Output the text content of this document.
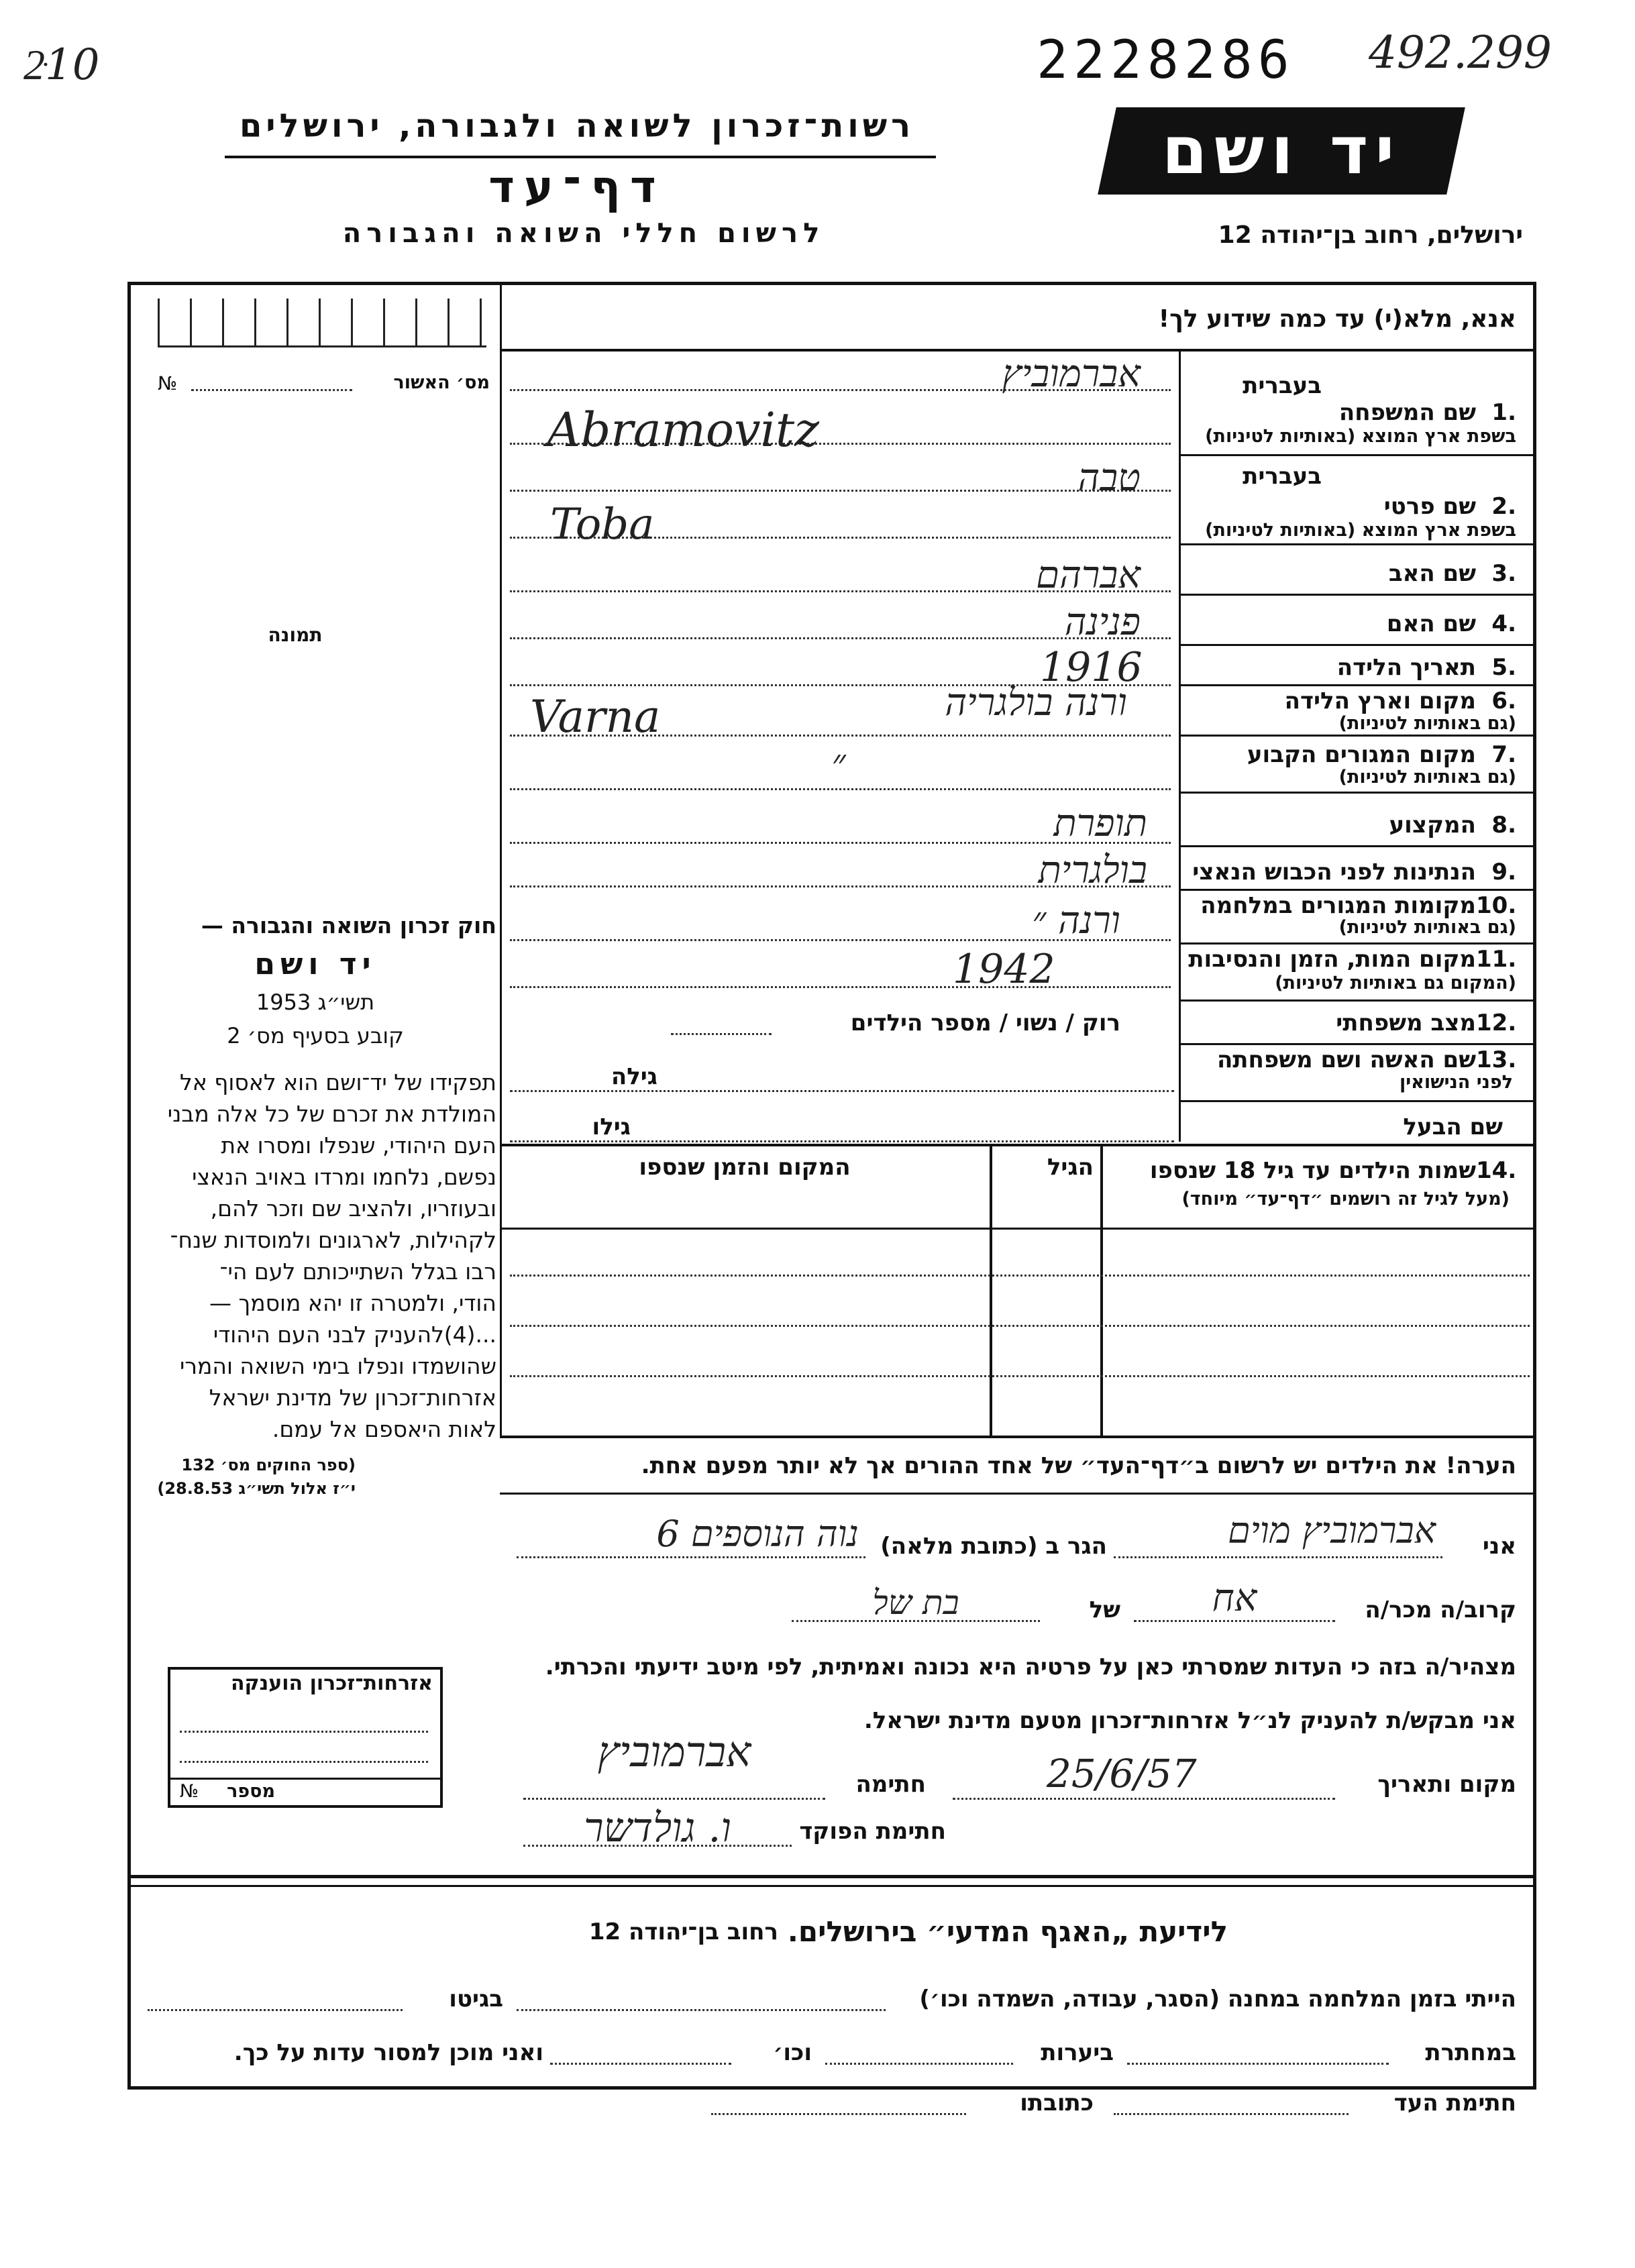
2ּ10	2228286 492.299
רשות־זכרון לשואה ולגבורה, ירושלים
דף־עד
לרשום חללי השואה והגבורה
יד ושם
ירושלים, רחוב בן־יהודה 12
מס׳ האשור
№
תמונה
חוק זכרון השואה והגבורה —
יד ושם
תשי״ג 1953
קובע בסעיף מס׳ 2
תפקידו של יד־ושם הוא לאסוף אל
המולדת את זכרם של כל אלה מבני
העם היהודי, שנפלו ומסרו את
נפשם, נלחמו ומרדו באויב הנאצי
ובעוזריו, ולהציב שם וזכר להם,
לקהילות, לארגונים ולמוסדות שנח־
רבו בגלל השתייכותם לעם הי־
הודי, ולמטרה זו יהא מוסמך —
...(4)להעניק לבני העם היהודי
שהושמדו ונפלו בימי השואה והמרי
אזרחות־זכרון של מדינת ישראל
לאות היאספם אל עמם.
(ספר החוקים מס׳ 132
י״ז אלול תשי״ג 28.8.53)
אזרחות־זכרון הוענקה
מספר
№
אנא, מלא(י) עד כמה שידוע לך!
בעברית
1.
שם המשפחה
בשפת ארץ המוצא (באותיות לטיניות)
אברמוביץ
Abramovitz
בעברית
2.
שם פרטי
בשפת ארץ המוצא (באותיות לטיניות)
טבה
Toba
3.
שם האב
אברהם
4.
שם האם
פנינה
5.
תאריך הלידה
1916
6.
מקום וארץ הלידה
(גם באותיות לטיניות)
ורנה בולגריה
Varna
7.
מקום המגורים הקבוע
(גם באותיות לטיניות)
״
8.
המקצוע
תופרת
9.
הנתינות לפני הכבוש הנאצי
בולגרית
10.
מקומות המגורים במלחמה
(גם באותיות לטיניות)
ורנה ״
11.
מקום המות, הזמן והנסיבות
(המקום גם באותיות לטיניות)
1942
12.
מצב משפחתי
רוק / נשוי / מספר הילדים
13.
שם האשה ושם משפחתה
לפני הנישואין
גילה
שם הבעל
גילו
14.
שמות הילדים עד גיל 18 שנספו
(מעל לגיל זה רושמים ״דף־עד״ מיוחד)
הגיל
המקום והזמן שנספו
הערה! את הילדים יש לרשום ב״דף־העד״ של אחד ההורים אך לא יותר מפעם אחת.
אני
אברמוביץ מוים
הגר ב (כתובת מלאה)
נוה הנוספים 6
קרוב/ה מכר/ה
אח
של
בת של
מצהיר/ה בזה כי העדות שמסרתי כאן על פרטיה היא נכונה ואמיתית, לפי מיטב ידיעתי והכרתי.
אני מבקש/ת להעניק לנ״ל אזרחות־זכרון מטעם מדינת ישראל.
מקום ותאריך
25/6/57
חתימה
אברמוביץ
חתימת הפוקד
ו. גולדשר
לידיעת „האגף המדעי״ בירושלים.
רחוב בן־יהודה 12
הייתי בזמן המלחמה במחנה (הסגר, עבודה, השמדה וכו׳)
בגיטו
במחתרת
ביערות
וכו׳
ואני מוכן למסור עדות על כך.
חתימת העד
כתובתו
